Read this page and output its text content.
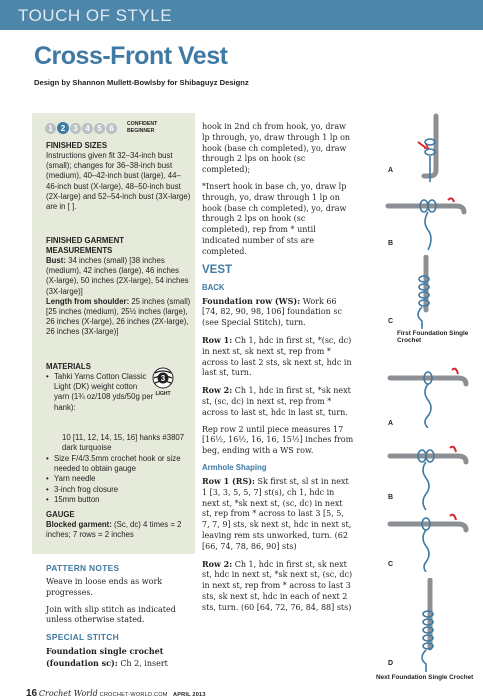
TOUCH OF STYLE
Cross-Front Vest
Design by Shannon Mullett-Bowlsby for Shibaguyz Designz
1	2	3 4 5 6	CONFIDENT
BEGINNER
FINISHED SIZES
Instructions given fit 32–34-inch bust (small); changes for 36–38-inch bust (medium), 40–42-inch bust (large), 44–46-inch bust (X-large), 48–50-inch bust (2X-large) and 52–54-inch bust (3X-large) are in [ ].
FINISHED GARMENT
MEASUREMENTS
Bust: 34 inches (small) [38 inches (medium), 42 inches (large), 46 inches (X-large), 50 inches (2X-large), 54 inches (3X-large)]
Length from shoulder: 25 inches (small) [25 inches (medium), 25½ inches (large), 26 inches (X-large), 26 inches (2X-large), 26 inches (3X-large)]
MATERIALS
• Tahki Yarns Cotton Classic Light (DK) weight cotton yarn (1¾ oz/108 yds/50g per hank):
10 [11, 12, 14, 15, 16] hanks #3807 dark turquoise
• Size F/4/3.5mm crochet hook or size needed to obtain gauge
• Yarn needle
• 3-inch frog closure
• 15mm button
3
LIGHT
GAUGE
Blocked garment: (Sc, dc) 4 times = 2 inches; 7 rows = 2 inches
PATTERN NOTES
Weave in loose ends as work progresses.
Join with slip stitch as indicated unless otherwise stated.
SPECIAL STITCH
Foundation single crochet (foundation sc): Ch 2, insert
hook in 2nd ch from hook, yo, draw lp through, yo, draw through 1 lp on hook (base ch completed), yo, draw through 2 lps on hook (sc completed);
*Insert hook in base ch, yo, draw lp through, yo, draw through 1 lp on hook (base ch completed), yo, draw through 2 lps on hook (sc completed), rep from * until indicated number of sts are completed.
VEST
BACK
Foundation row (WS): Work 66 [74, 82, 90, 98, 106] foundation sc (see Special Stitch), turn.
Row 1: Ch 1, hdc in first st, *(sc, dc) in next st, sk next st, rep from * across to last 2 sts, sk next st, hdc in last st, turn.
Row 2: Ch 1, hdc in first st, *sk next st, (sc, dc) in next st, rep from * across to last st, hdc in last st, turn.
Rep row 2 until piece measures 17 [16½, 16½, 16, 16, 15½] inches from beg, ending with a WS row.
Armhole Shaping
Row 1 (RS): Sk first st, sl st in next 1 [3, 3, 5, 5, 7] st(s), ch 1, hdc in next st, *sk next st, (sc, dc) in next st, rep from * across to last 3 [5, 5, 7, 7, 9] sts, sk next st, hdc in next st, leaving rem sts unworked, turn. (62 [66, 74, 78, 86, 90] sts)
Row 2: Ch 1, hdc in first st, sk next st, hdc in next st, *sk next st, (sc, dc) in next st, rep from * across to last 3 sts, sk next st, hdc in each of next 2 sts, turn. (60 [64, 72, 76, 84, 88] sts)
A
B
C
First Foundation Single Crochet
A
B
C
D
Next Foundation Single Crochet
16 Crochet World CROCHET-WORLD.COM APRIL 2013
